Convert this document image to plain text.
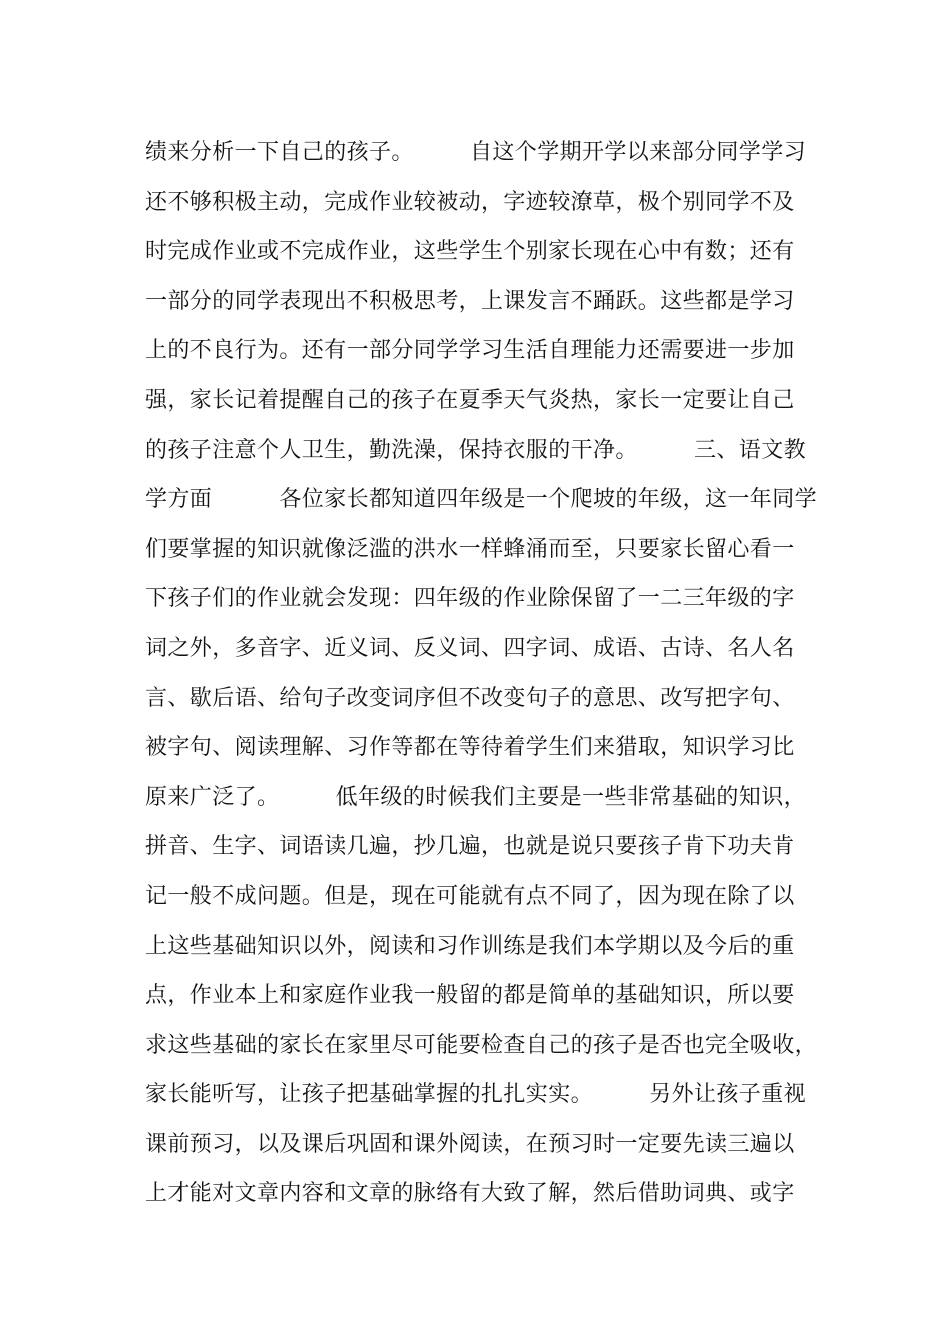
绩来分析一下自己的孩子。　　　自这个学期开学以来部分同学学习
还不够积极主动，完成作业较被动，字迹较潦草，极个别同学不及
时完成作业或不完成作业，这些学生个别家长现在心中有数；还有
一部分的同学表现出不积极思考，上课发言不踊跃。这些都是学习
上的不良行为。还有一部分同学学习生活自理能力还需要进一步加
强，家长记着提醒自己的孩子在夏季天气炎热，家长一定要让自己
的孩子注意个人卫生，勤洗澡，保持衣服的干净。　　　三、语文教
学方面　　　各位家长都知道四年级是一个爬坡的年级，这一年同学
们要掌握的知识就像泛滥的洪水一样蜂涌而至，只要家长留心看一
下孩子们的作业就会发现：四年级的作业除保留了一二三年级的字
词之外，多音字、近义词、反义词、四字词、成语、古诗、名人名
言、歇后语、给句子改变词序但不改变句子的意思、改写把字句、
被字句、阅读理解、习作等都在等待着学生们来猎取，知识学习比
原来广泛了。　　　低年级的时候我们主要是一些非常基础的知识，
拼音、生字、词语读几遍，抄几遍，也就是说只要孩子肯下功夫肯
记一般不成问题。但是，现在可能就有点不同了，因为现在除了以
上这些基础知识以外，阅读和习作训练是我们本学期以及今后的重
点，作业本上和家庭作业我一般留的都是简单的基础知识，所以要
求这些基础的家长在家里尽可能要检查自己的孩子是否也完全吸收，
家长能听写，让孩子把基础掌握的扎扎实实。　　　另外让孩子重视
课前预习，以及课后巩固和课外阅读，在预习时一定要先读三遍以
上才能对文章内容和文章的脉络有大致了解，然后借助词典、或字
